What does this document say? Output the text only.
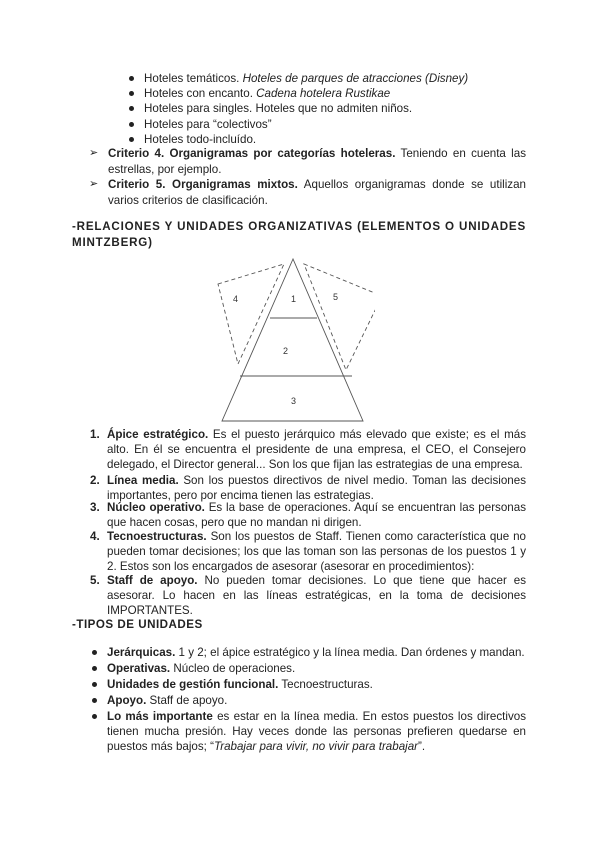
Hoteles temáticos. Hoteles de parques de atracciones (Disney)
Hoteles con encanto. Cadena hotelera Rustikae
Hoteles para singles. Hoteles que no admiten niños.
Hoteles para “colectivos”
Hoteles todo-incluído.
➢ Criterio 4. Organigramas por categorías hoteleras. Teniendo en cuenta las estrellas, por ejemplo.
➢ Criterio 5. Organigramas mixtos. Aquellos organigramas donde se utilizan varios criterios de clasificación.
-RELACIONES Y UNIDADES ORGANIZATIVAS (ELEMENTOS O UNIDADES MINTZBERG)
1
2
3
4	5
1. Ápice estratégico. Es el puesto jerárquico más elevado que existe; es el más alto. En él se encuentra el presidente de una empresa, el CEO, el Consejero delegado, el Director general... Son los que fijan las estrategias de una empresa.
2. Línea media. Son los puestos directivos de nivel medio. Toman las decisiones importantes, pero por encima tienen las estrategias.
3. Núcleo operativo. Es la base de operaciones. Aquí se encuentran las personas que hacen cosas, pero que no mandan ni dirigen.
4. Tecnoestructuras. Son los puestos de Staff. Tienen como característica que no pueden tomar decisiones; los que las toman son las personas de los puestos 1 y 2. Estos son los encargados de asesorar (asesorar en procedimientos):
5. Staff de apoyo. No pueden tomar decisiones. Lo que tiene que hacer es asesorar. Lo hacen en las líneas estratégicas, en la toma de decisiones IMPORTANTES.
-TIPOS DE UNIDADES
Jerárquicas. 1 y 2; el ápice estratégico y la línea media. Dan órdenes y mandan.
Operativas. Núcleo de operaciones.
Unidades de gestión funcional. Tecnoestructuras.
Apoyo. Staff de apoyo.
Lo más importante es estar en la línea media. En estos puestos los directivos tienen mucha presión. Hay veces donde las personas prefieren quedarse en puestos más bajos; “Trabajar para vivir, no vivir para trabajar”.
